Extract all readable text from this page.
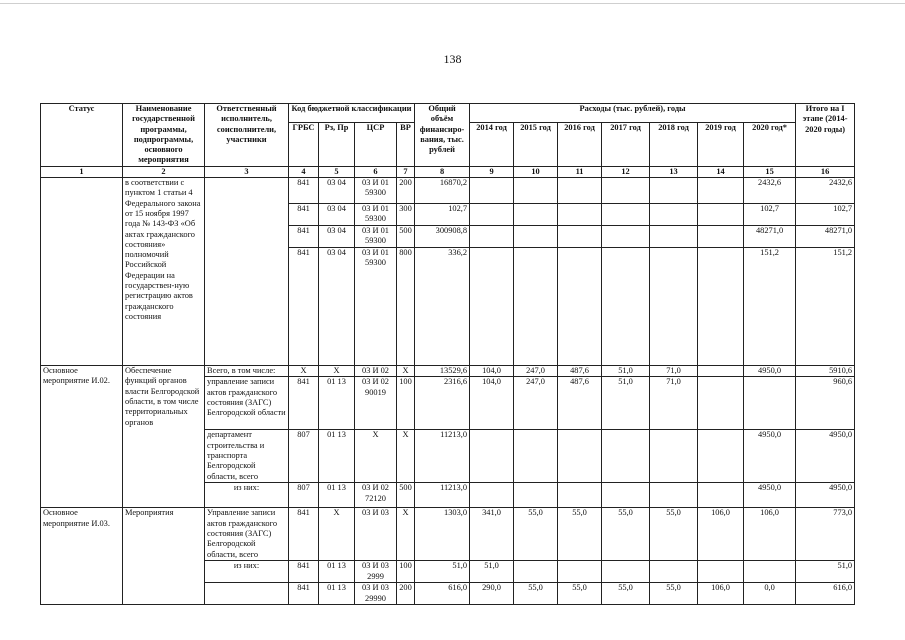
138
Статус	Наименование государственной программы, подпрограммы, основного мероприятия	Ответственный исполнитель, соисполнители, участники	Код бюджетной классификации				Общий объём финансиро-вания, тыс. рублей	Расходы (тыс. рублей), годы							Итого на I этапе (2014-2020 годы)
			ГРБС	Рз, Пр	ЦСР	ВР		2014 год	2015 год	2016 год	2017 год	2018 год	2019 год	2020 год*	
1	2	3	4	5	6	7	8	9	10	11	12	13	14	15	16
	в соответствии с пунктом 1 статьи 4 Федерального закона от 15 ноября 1997 года № 143-ФЗ «Об актах гражданского состояния» полномочий Российской Федерации на государствен-ную регистрацию актов гражданского состояния		841	03 04	03 И 01 59300	200	16870,2							2432,6	2432,6
			841	03 04	03 И 01 59300	300	102,7							102,7	102,7
			841	03 04	03 И 01 59300	500	300908,8							48271,0	48271,0
			841	03 04	03 И 01 59300	800	336,2							151,2	151,2
Основное мероприятие И.02.	Обеспечение функций органов власти Белгородской области, в том числе территориальных органов	Всего, в том числе:	X	X	03 И 02	X	13529,6	104,0	247,0	487,6	51,0	71,0		4950,0	5910,6
		управление записи актов гражданского состояния (ЗАГС) Белгородской области	841	01 13	03 И 02 90019	100	2316,6	104,0	247,0	487,6	51,0	71,0			960,6
		департамент строительства и транспорта Белгородской области, всего	807	01 13	X	X	11213,0							4950,0	4950,0
		из них:	807	01 13	03 И 02 72120	500	11213,0							4950,0	4950,0
Основное мероприятие И.03.	Мероприятия	Управление записи актов гражданского состояния (ЗАГС) Белгородской области, всего	841	X	03 И 03	X	1303,0	341,0	55,0	55,0	55,0	55,0	106,0	106,0	773,0
		из них:	841	01 13	03 И 03 2999	100	51,0	51,0							51,0
			841	01 13	03 И 03 29990	200	616,0	290,0	55,0	55,0	55,0	55,0	106,0	0,0	616,0
